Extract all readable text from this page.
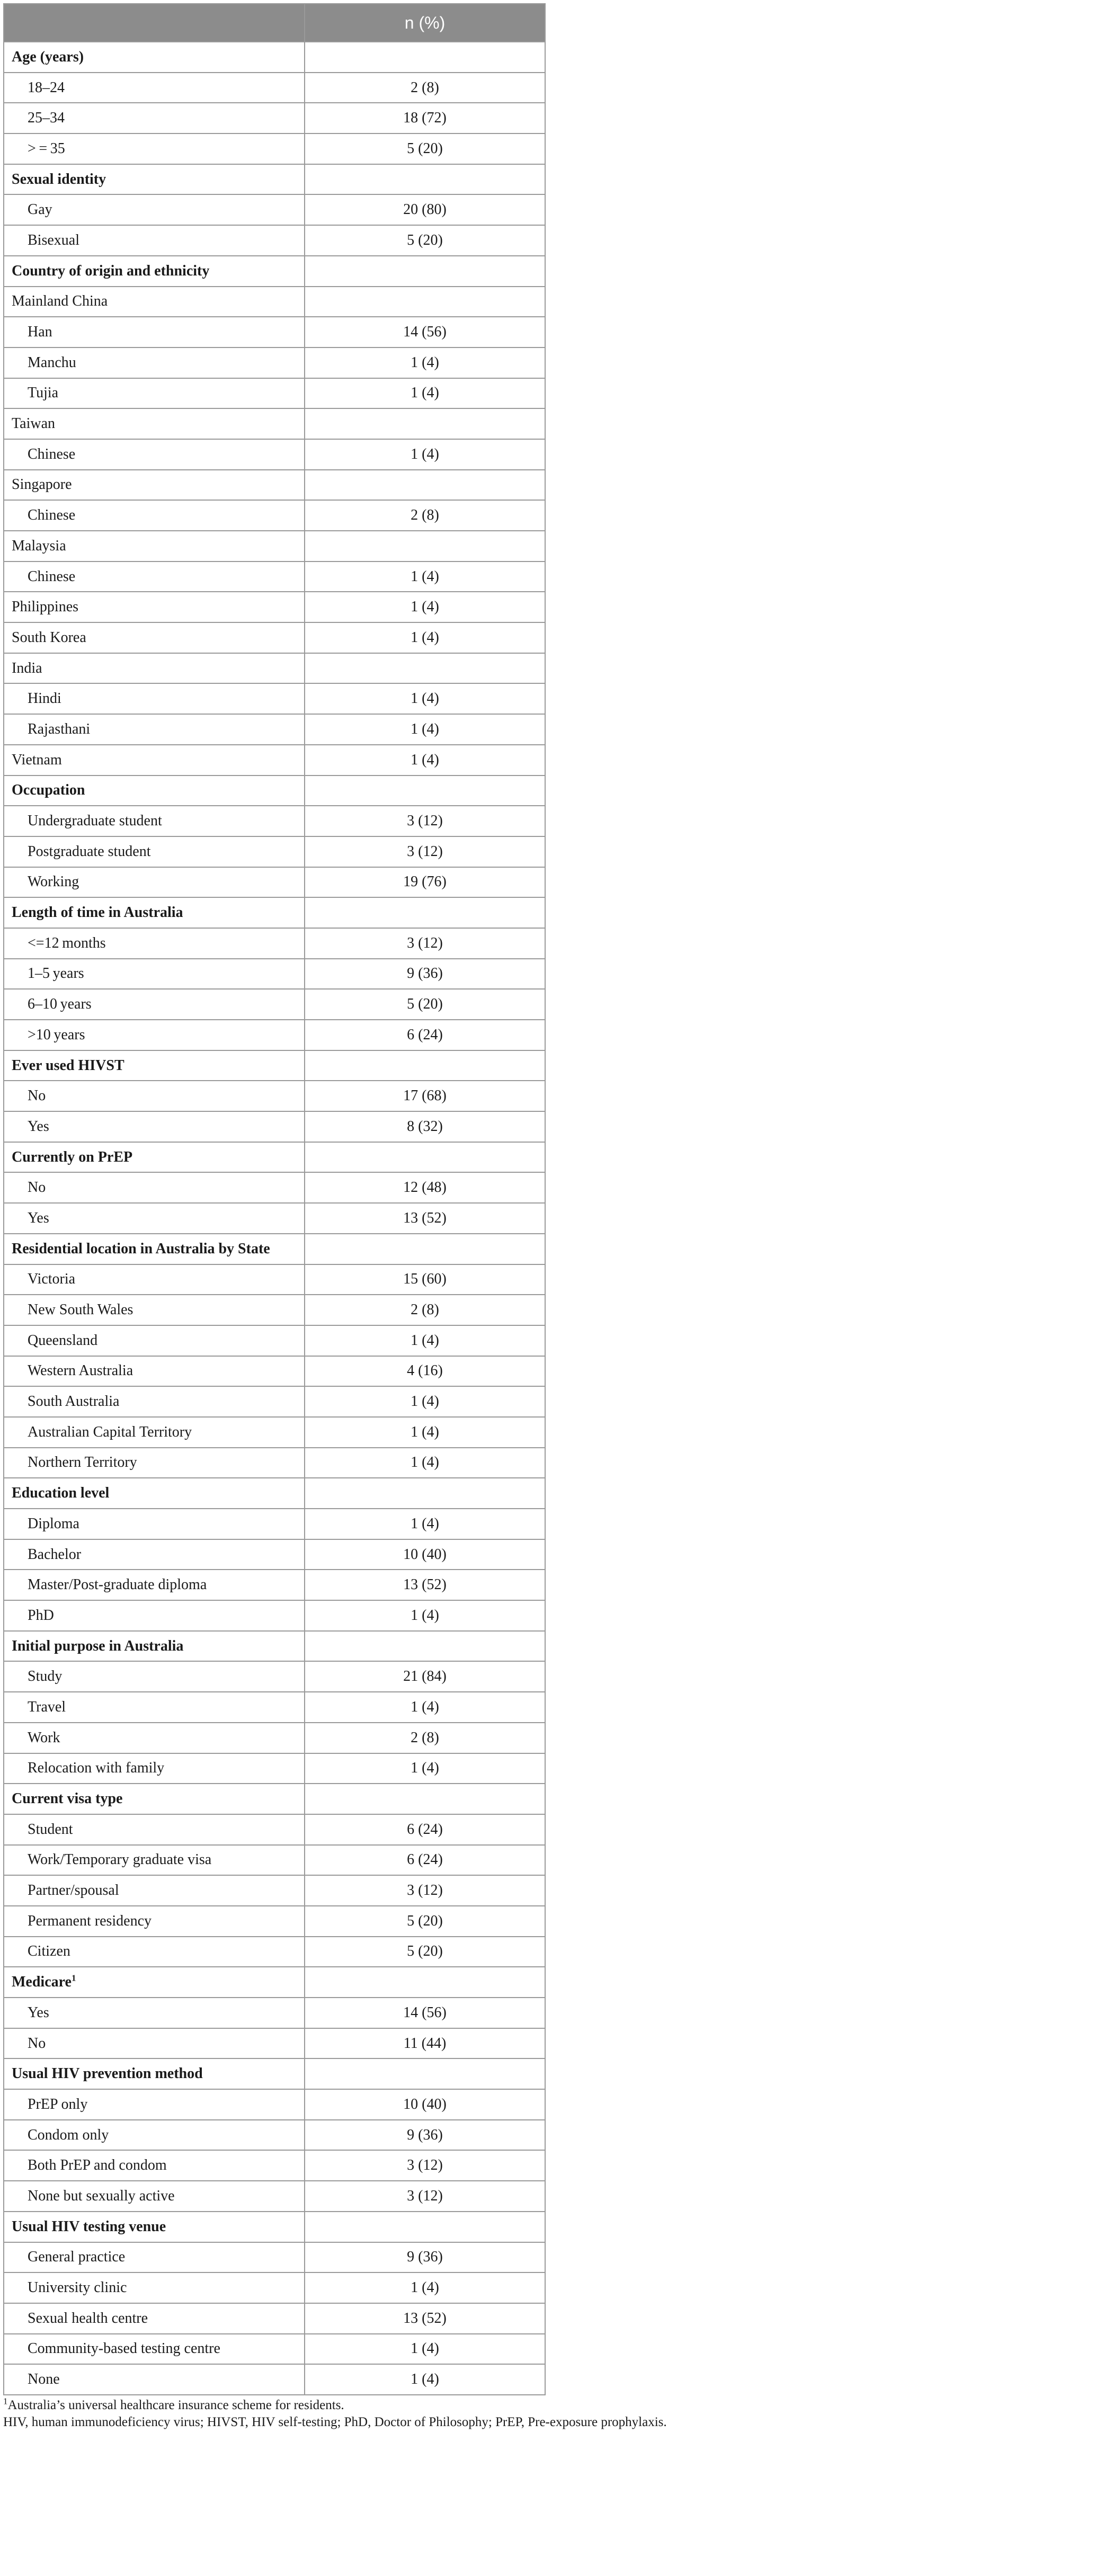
	n (%)
Age (years)	
18–24	2 (8)
25–34	18 (72)
> = 35	5 (20)
Sexual identity	
Gay	20 (80)
Bisexual	5 (20)
Country of origin and ethnicity	
Mainland China	
Han	14 (56)
Manchu	1 (4)
Tujia	1 (4)
Taiwan	
Chinese	1 (4)
Singapore	
Chinese	2 (8)
Malaysia	
Chinese	1 (4)
Philippines	1 (4)
South Korea	1 (4)
India	
Hindi	1 (4)
Rajasthani	1 (4)
Vietnam	1 (4)
Occupation	
Undergraduate student	3 (12)
Postgraduate student	3 (12)
Working	19 (76)
Length of time in Australia	
<=12 months	3 (12)
1–5 years	9 (36)
6–10 years	5 (20)
>10 years	6 (24)
Ever used HIVST	
No	17 (68)
Yes	8 (32)
Currently on PrEP	
No	12 (48)
Yes	13 (52)
Residential location in Australia by State	
Victoria	15 (60)
New South Wales	2 (8)
Queensland	1 (4)
Western Australia	4 (16)
South Australia	1 (4)
Australian Capital Territory	1 (4)
Northern Territory	1 (4)
Education level	
Diploma	1 (4)
Bachelor	10 (40)
Master/Post-graduate diploma	13 (52)
PhD	1 (4)
Initial purpose in Australia	
Study	21 (84)
Travel	1 (4)
Work	2 (8)
Relocation with family	1 (4)
Current visa type	
Student	6 (24)
Work/Temporary graduate visa	6 (24)
Partner/spousal	3 (12)
Permanent residency	5 (20)
Citizen	5 (20)
Medicare$^1$	
Yes	14 (56)
No	11 (44)
Usual HIV prevention method	
PrEP only	10 (40)
Condom only	9 (36)
Both PrEP and condom	3 (12)
None but sexually active	3 (12)
Usual HIV testing venue	
General practice	9 (36)
University clinic	1 (4)
Sexual health centre	13 (52)
Community-based testing centre	1 (4)
None	1 (4)
$^1$Australia’s universal healthcare insurance scheme for residents.
HIV, human immunodeficiency virus; HIVST, HIV self-testing; PhD, Doctor of Philosophy; PrEP, Pre-exposure prophylaxis.
